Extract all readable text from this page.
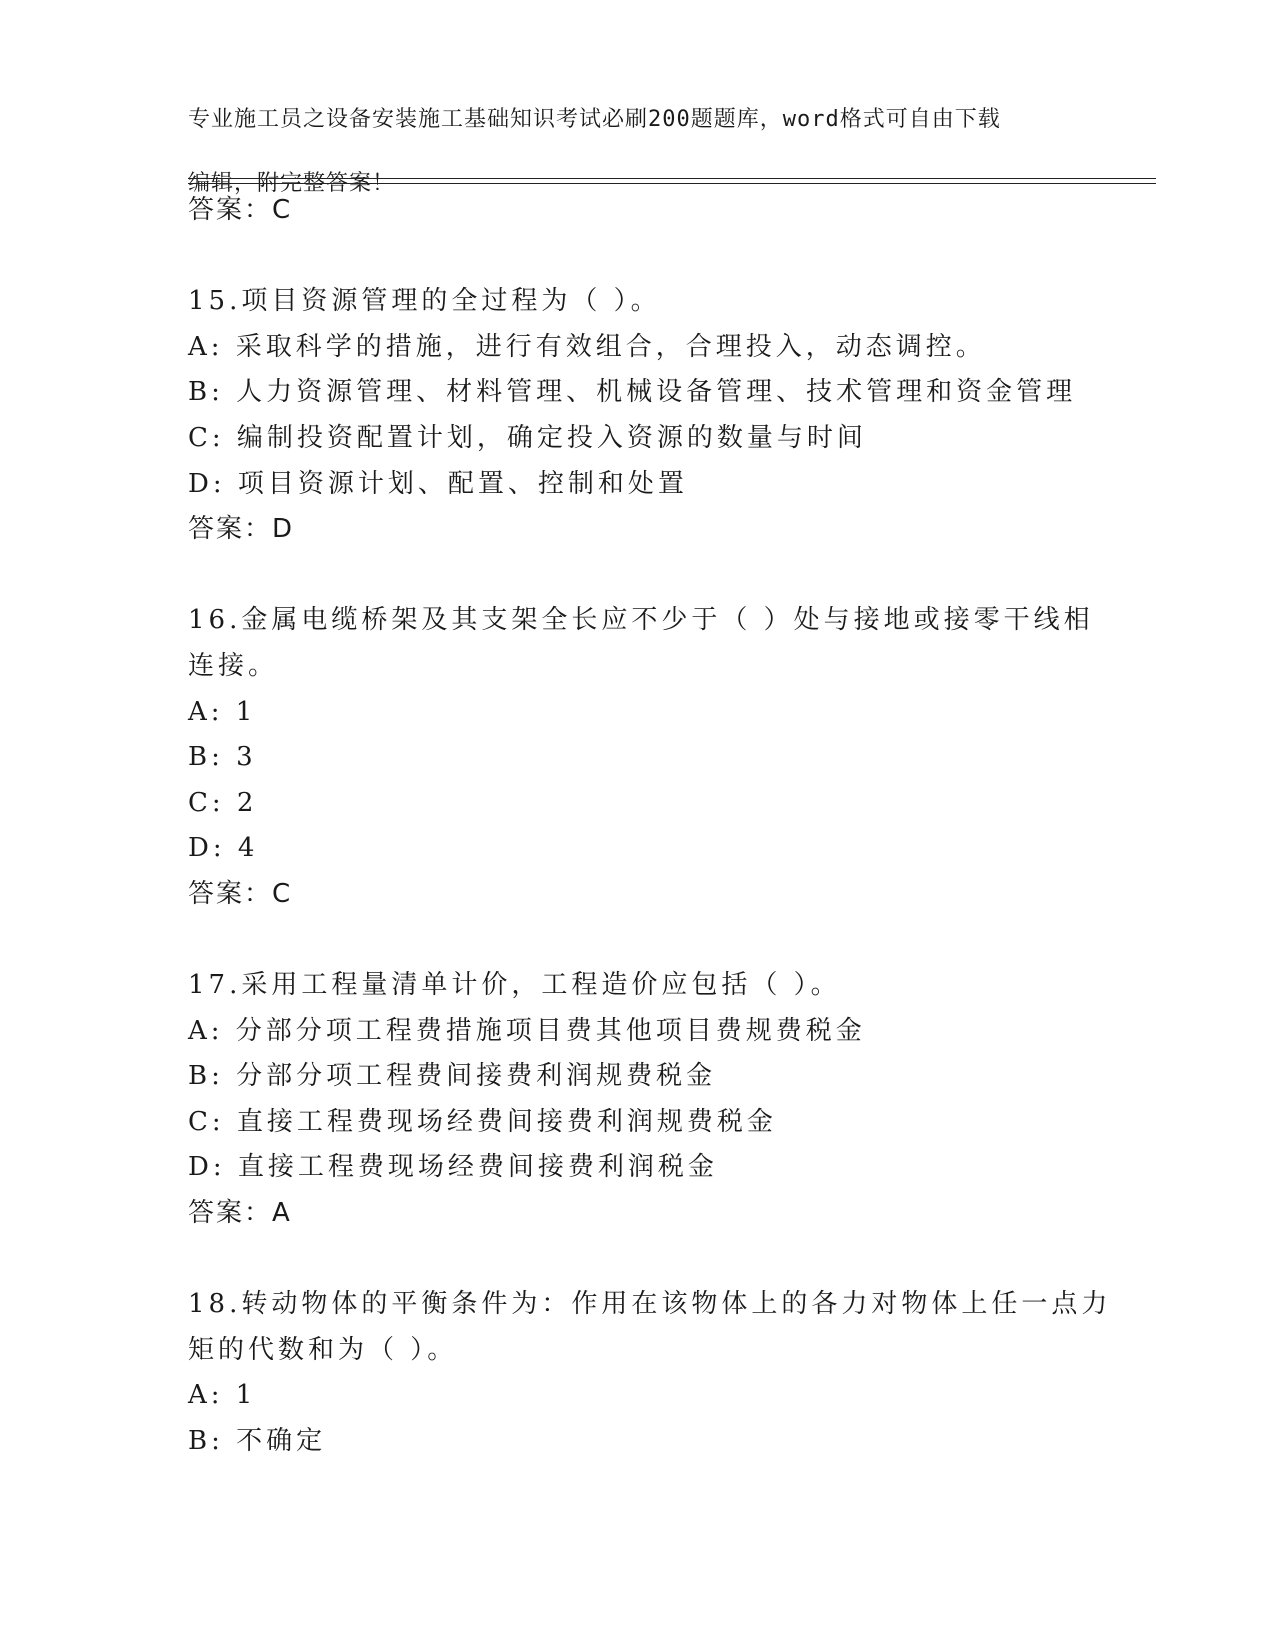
专业施工员之设备安装施工基础知识考试必刷200题题库，word格式可自由下载

编辑，附完整答案！

答案：C
15.项目资源管理的全过程为（ ）。
A: 采取科学的措施，进行有效组合，合理投入，动态调控。
B: 人力资源管理、材料管理、机械设备管理、技术管理和资金管理
C: 编制投资配置计划，确定投入资源的数量与时间
D: 项目资源计划、配置、控制和处置
答案：D
16.金属电缆桥架及其支架全长应不少于（ ）处与接地或接零干线相
连接。
A: 1
B: 3
C: 2
D: 4
答案：C
17.采用工程量清单计价，工程造价应包括（ ）。
A: 分部分项工程费措施项目费其他项目费规费税金
B: 分部分项工程费间接费利润规费税金
C: 直接工程费现场经费间接费利润规费税金
D: 直接工程费现场经费间接费利润税金
答案：A
18.转动物体的平衡条件为：作用在该物体上的各力对物体上任一点力
矩的代数和为（ ）。
A: 1
B: 不确定
